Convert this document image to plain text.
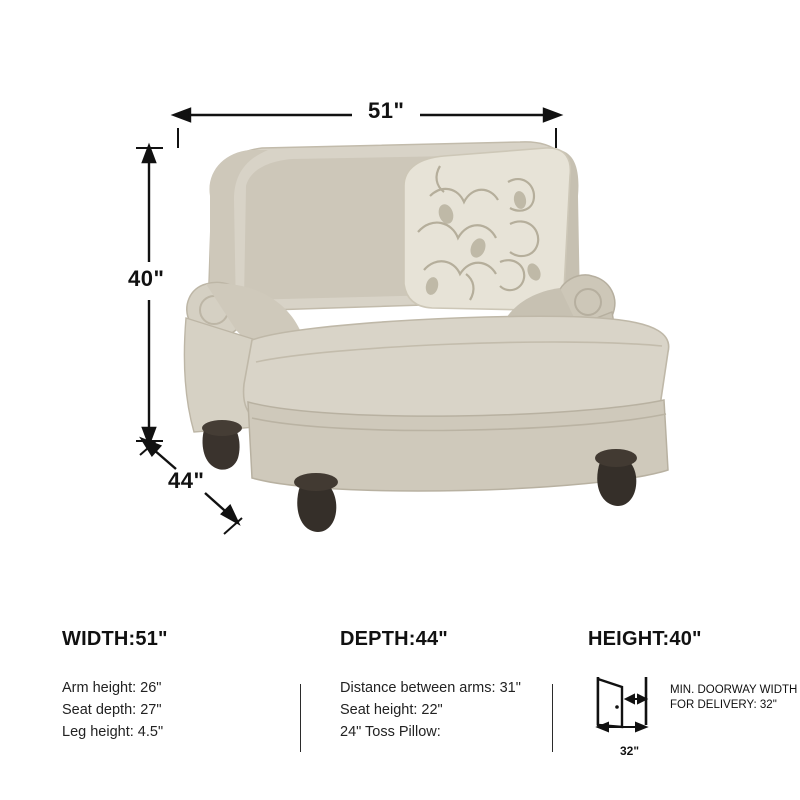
51"
40"
44"
WIDTH:51"
Arm height: 26"
Seat depth: 27"
Leg height: 4.5"
DEPTH:44"
Distance between arms: 31"
Seat height: 22"
24" Toss Pillow:
HEIGHT:40"
MIN. DOORWAY WIDTH
FOR DELIVERY: 32"
32"
